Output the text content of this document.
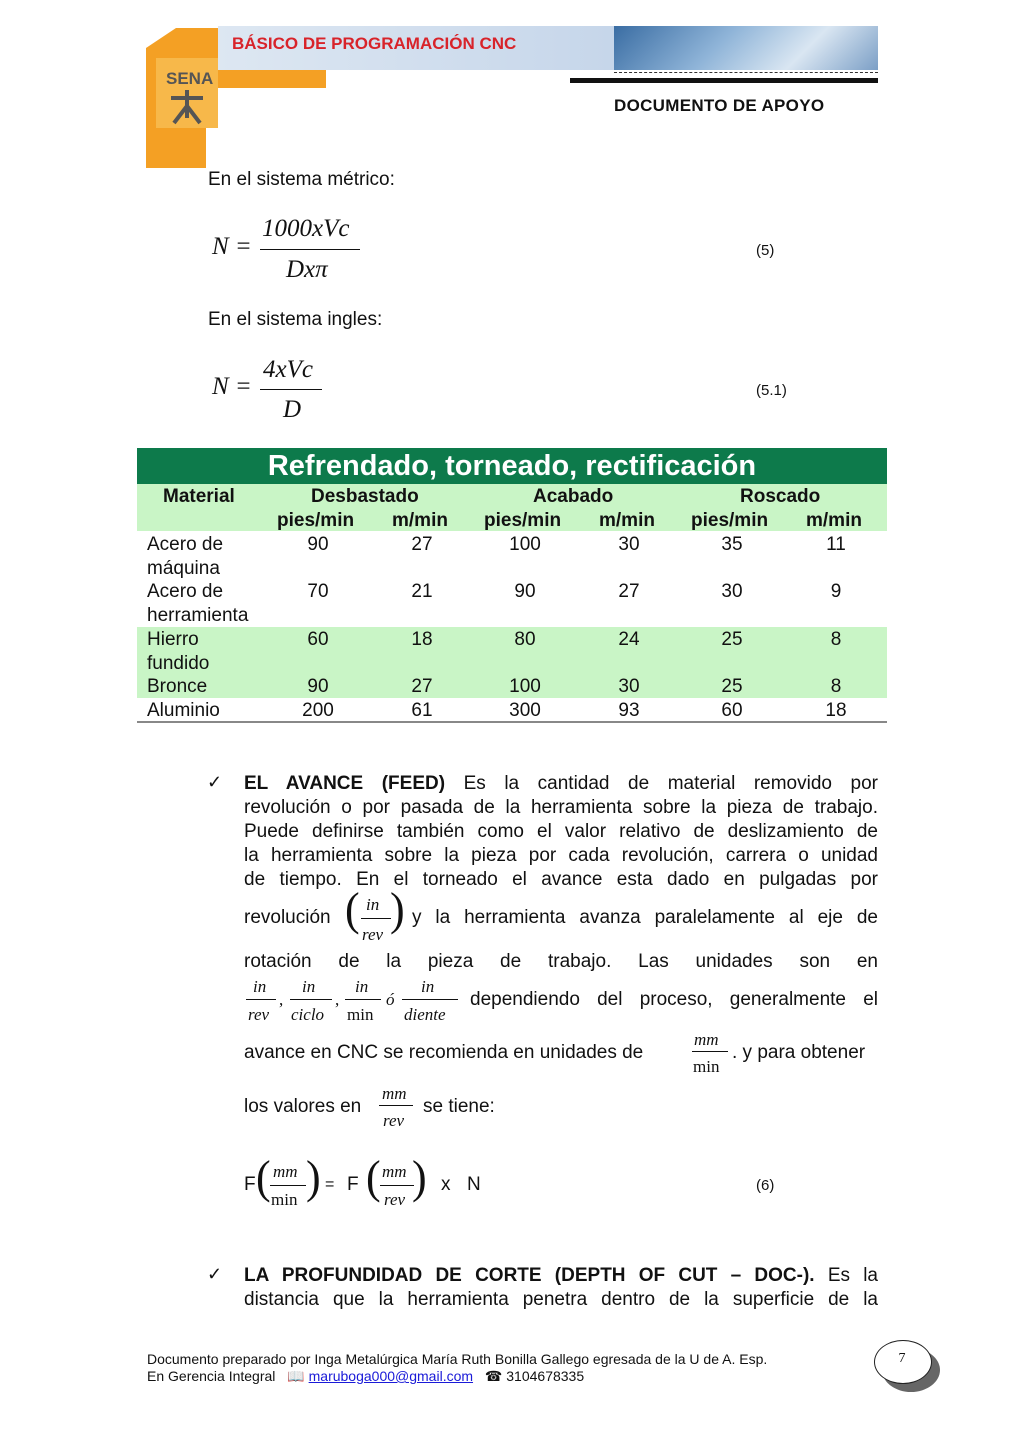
SENA
BÁSICO DE PROGRAMACIÓN CNC
DOCUMENTO DE APOYO
En el sistema métrico:
N =
1000xVc
Dxπ
(5)
En el sistema ingles:
N =
4xVc
D
(5.1)
Refrendado, torneado, rectificación
Material	Desbastado	Acabado	Roscado
pies/min m/min pies/min m/min pies/min m/min
Acero de
máquina
90	27	100	30	35	11
Acero de
herramienta
70	21	90	27	30	9
Hierro
fundido
60	18	80	24	25	8
Bronce	90	27	100	30	25	8
Aluminio	200	61	300	93	60	18
✓ EL AVANCE (FEED) Es la cantidad de material removido por
revolución o por pasada de la herramienta sobre la pieza de trabajo.
Puede definirse también como el valor relativo de deslizamiento de
la herramienta sobre la pieza por cada revolución, carrera o unidad
de tiempo. En el torneado el avance esta dado en pulgadas por
revolución ( in
rev ) y la herramienta avanza paralelamente al eje de
rotación de la pieza de trabajo. Las unidades son en
in
rev
,
in
ciclo
,
in
min
ó
in
diente
dependiendo del proceso, generalmente el
avance en CNC se recomienda en unidades de
mm
min
. y para obtener
los valores en
mm
rev
se tiene:
F ( mm
min ) = F ( mm
rev ) x N	(6)
✓ LA PROFUNDIDAD DE CORTE (DEPTH OF CUT – DOC-). Es la
distancia que la herramienta penetra dentro de la superficie de la
Documento preparado por Inga Metalúrgica María Ruth Bonilla Gallego egresada de la U de A. Esp.
En Gerencia Integral 📖 maruboga000@gmail.com ☎ 3104678335
7
